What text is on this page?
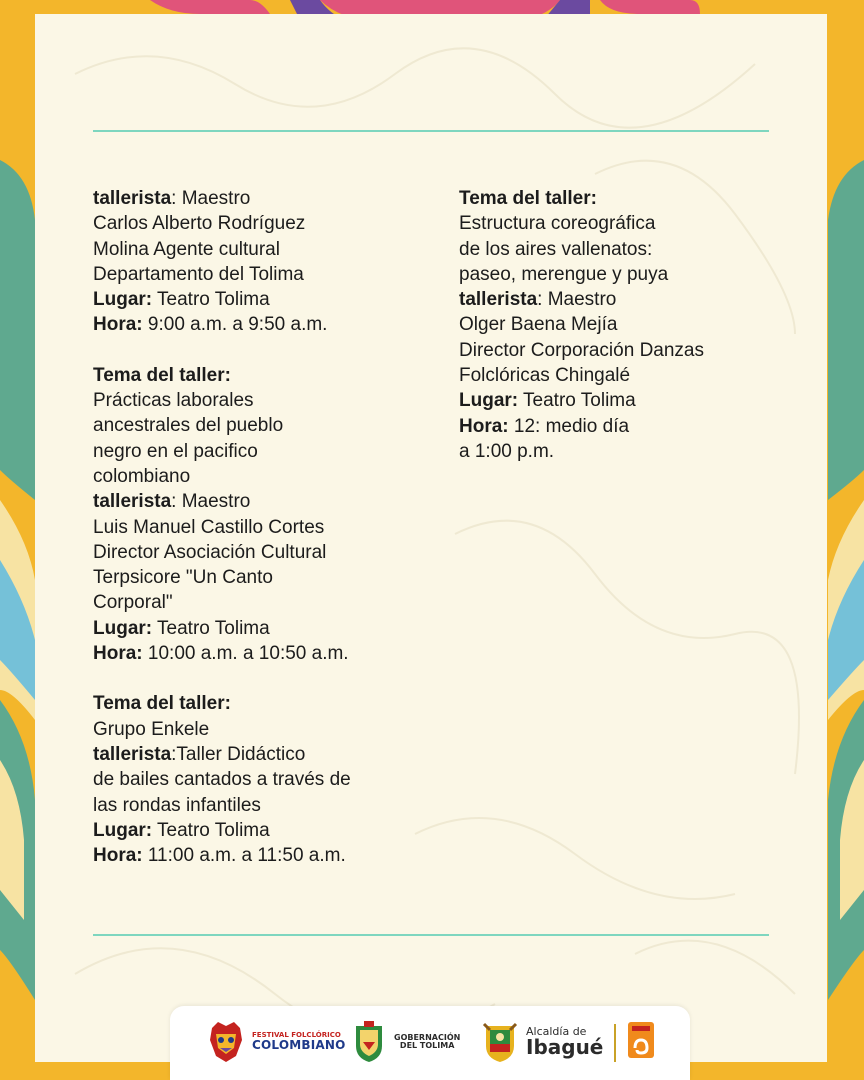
tallerista: Maestro
Carlos Alberto Rodríguez
Molina Agente cultural
Departamento del Tolima
Lugar: Teatro Tolima
Hora: 9:00 a.m. a 9:50 a.m.
Tema del taller:
Prácticas laborales
ancestrales del pueblo
negro en el pacifico
colombiano
tallerista: Maestro
Luis Manuel Castillo Cortes
Director Asociación Cultural
Terpsicore "Un Canto
Corporal"
Lugar: Teatro Tolima
Hora: 10:00 a.m. a 10:50 a.m.
Tema del taller:
Grupo Enkele
tallerista:Taller Didáctico
de bailes cantados a través de
las rondas infantiles
Lugar: Teatro Tolima
Hora: 11:00 a.m. a 11:50 a.m.
Tema del taller:
Estructura coreográfica
de los aires vallenatos:
paseo, merengue y puya
tallerista: Maestro
Olger Baena Mejía
Director Corporación Danzas
Folclóricas Chingalé
Lugar: Teatro Tolima
Hora: 12: medio día
a 1:00 p.m.
FESTIVAL FOLCLÓRICO
COLOMBIANO
GOBERNACIÓN
DEL TOLIMA
Alcaldía de
Ibagué
